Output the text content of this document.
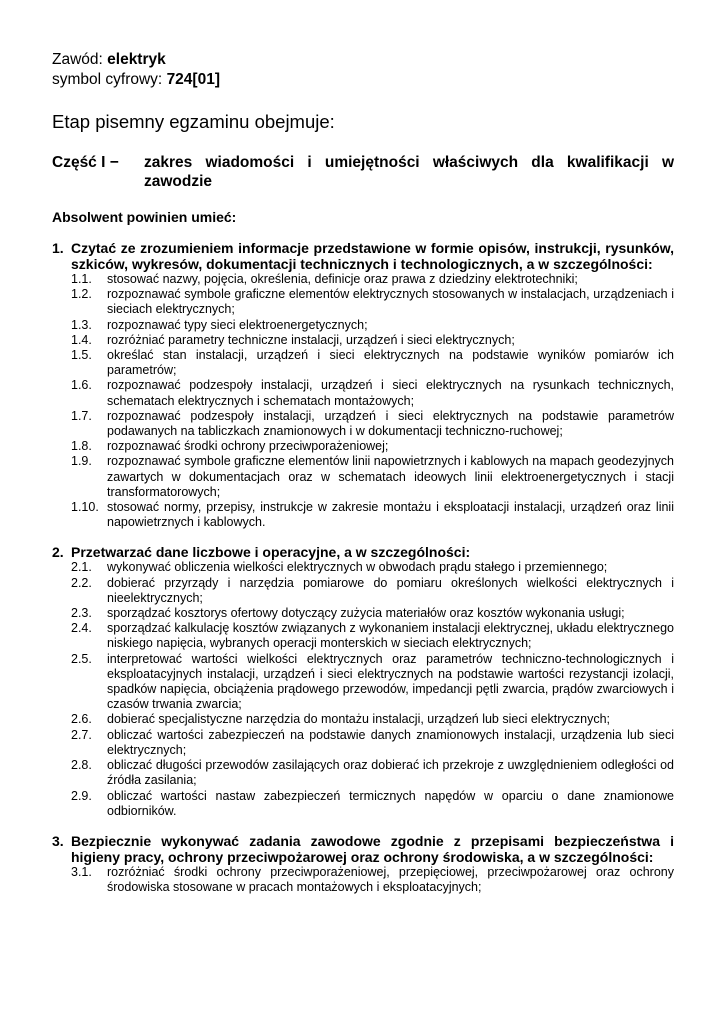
Zawód: elektryk
symbol cyfrowy: 724[01]
Etap pisemny egzaminu obejmuje:
Część I −	zakres wiadomości i umiejętności właściwych dla kwalifikacji w zawodzie
Absolwent powinien umieć:
1. Czytać ze zrozumieniem informacje przedstawione w formie opisów, instrukcji, rysunków, szkiców, wykresów, dokumentacji technicznych i technologicznych, a w szczególności:
1.1.	stosować nazwy, pojęcia, określenia, definicje oraz prawa z dziedziny elektrotechniki;
1.2.	rozpoznawać symbole graficzne elementów elektrycznych stosowanych w instalacjach, urządzeniach i sieciach elektrycznych;
1.3.	rozpoznawać typy sieci elektroenergetycznych;
1.4.	rozróżniać parametry techniczne instalacji, urządzeń i sieci elektrycznych;
1.5.	określać stan instalacji, urządzeń i sieci elektrycznych na podstawie wyników pomiarów ich parametrów;
1.6.	rozpoznawać podzespoły instalacji, urządzeń i sieci elektrycznych na rysunkach technicznych, schematach elektrycznych i schematach montażowych;
1.7.	rozpoznawać podzespoły instalacji, urządzeń i sieci elektrycznych na podstawie parametrów podawanych na tabliczkach znamionowych i w dokumentacji techniczno-ruchowej;
1.8.	rozpoznawać środki ochrony przeciwporażeniowej;
1.9.	rozpoznawać symbole graficzne elementów linii napowietrznych i kablowych na mapach geodezyjnych zawartych w dokumentacjach oraz w schematach ideowych linii elektroenergetycznych i stacji transformatorowych;
1.10. stosować normy, przepisy, instrukcje w zakresie montażu i eksploatacji instalacji, urządzeń oraz linii napowietrznych i kablowych.
2. Przetwarzać dane liczbowe i operacyjne, a w szczególności:
2.1.	wykonywać obliczenia wielkości elektrycznych w obwodach prądu stałego i przemiennego;
2.2.	dobierać przyrządy i narzędzia pomiarowe do pomiaru określonych wielkości elektrycznych i nieelektrycznych;
2.3.	sporządzać kosztorys ofertowy dotyczący zużycia materiałów oraz kosztów wykonania usługi;
2.4.	sporządzać kalkulację kosztów związanych z wykonaniem instalacji elektrycznej, układu elektrycznego niskiego napięcia, wybranych operacji monterskich w sieciach elektrycznych;
2.5.	interpretować wartości wielkości elektrycznych oraz parametrów techniczno-technologicznych i eksploatacyjnych instalacji, urządzeń i sieci elektrycznych na podstawie wartości rezystancji izolacji, spadków napięcia, obciążenia prądowego przewodów, impedancji pętli zwarcia, prądów zwarciowych i czasów trwania zwarcia;
2.6.	dobierać specjalistyczne narzędzia do montażu instalacji, urządzeń lub sieci elektrycznych;
2.7.	obliczać wartości zabezpieczeń na podstawie danych znamionowych instalacji, urządzenia lub sieci elektrycznych;
2.8.	obliczać długości przewodów zasilających oraz dobierać ich przekroje z uwzględnieniem odległości od źródła zasilania;
2.9.	obliczać wartości nastaw zabezpieczeń termicznych napędów w oparciu o dane znamionowe odbiorników.
3. Bezpiecznie wykonywać zadania zawodowe zgodnie z przepisami bezpieczeństwa i higieny pracy, ochrony przeciwpożarowej oraz ochrony środowiska, a w szczególności:
3.1.	rozróżniać środki ochrony przeciwporażeniowej, przepięciowej, przeciwpożarowej oraz ochrony środowiska stosowane w pracach montażowych i eksploatacyjnych;
